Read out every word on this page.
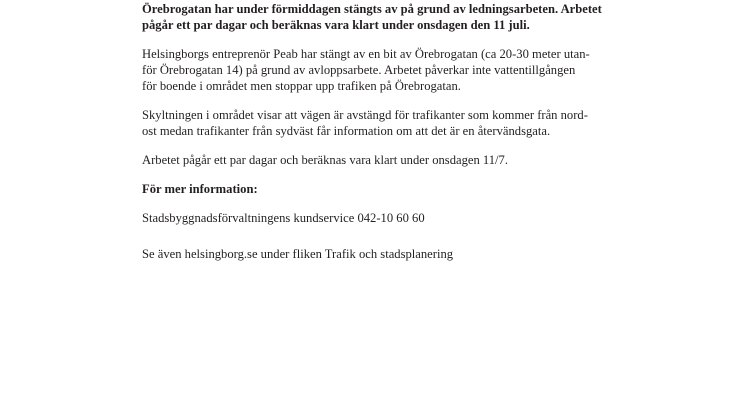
Örebrogatan har under förmiddagen stängts av på grund av ledningsarbeten. Arbetet

pågår ett par dagar och beräknas vara klart under onsdagen den 11 juli.

Helsingborgs entreprenör Peab har stängt av en bit av Örebrogatan (ca 20-30 meter utan-

för Örebrogatan 14) på grund av avloppsarbete. Arbetet påverkar inte vattentillgången

för boende i området men stoppar upp trafiken på Örebrogatan.

Skyltningen i området visar att vägen är avstängd för trafikanter som kommer från nord-

ost medan trafikanter från sydväst får information om att det är en återvändsgata.

Arbetet pågår ett par dagar och beräknas vara klart under onsdagen 11/7.

För mer information:

Stadsbyggnadsförvaltningens kundservice 042-10 60 60

Se även helsingborg.se under fliken Trafik och stadsplanering
